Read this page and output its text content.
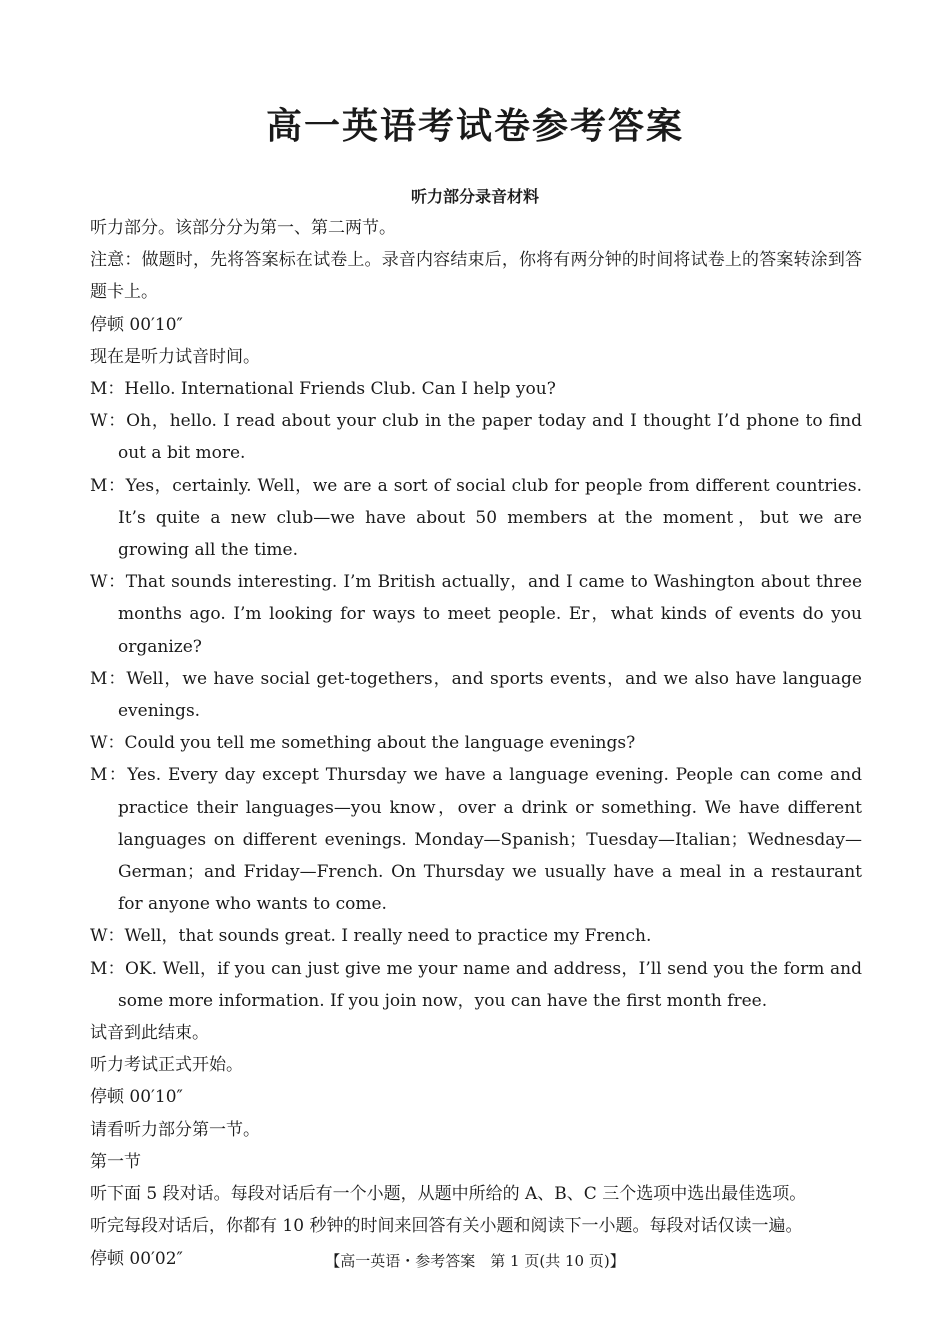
高一英语考试卷参考答案
听力部分录音材料
听力部分。该部分分为第一、第二两节。
注意：做题时，先将答案标在试卷上。录音内容结束后，你将有两分钟的时间将试卷上的答案转涂到答题卡上。
停顿 00′10″
现在是听力试音时间。
M：Hello. International Friends Club. Can I help you?
W：Oh，hello. I read about your club in the paper today and I thought I’d phone to find out a bit more.
M：Yes，certainly. Well，we are a sort of social club for people from different countries. It’s quite a new club—we have about 50 members at the moment，but we are growing all the time.
W：That sounds interesting. I’m British actually，and I came to Washington about three months ago. I’m looking for ways to meet people. Er，what kinds of events do you organize?
M：Well，we have social get-togethers，and sports events，and we also have language evenings.
W：Could you tell me something about the language evenings?
M：Yes. Every day except Thursday we have a language evening. People can come and practice their languages—you know，over a drink or something. We have different languages on different evenings. Monday—Spanish；Tuesday—Italian；Wednesday—German；and Friday—French. On Thursday we usually have a meal in a restaurant for anyone who wants to come.
W：Well，that sounds great. I really need to practice my French.
M：OK. Well，if you can just give me your name and address，I’ll send you the form and some more information. If you join now，you can have the first month free.
试音到此结束。
听力考试正式开始。
停顿 00′10″
请看听力部分第一节。
第一节
听下面 5 段对话。每段对话后有一个小题，从题中所给的 A、B、C 三个选项中选出最佳选项。
听完每段对话后，你都有 10 秒钟的时间来回答有关小题和阅读下一小题。每段对话仅读一遍。
停顿 00′02″	【高一英语・参考答案　第 1 页(共 10 页)】
